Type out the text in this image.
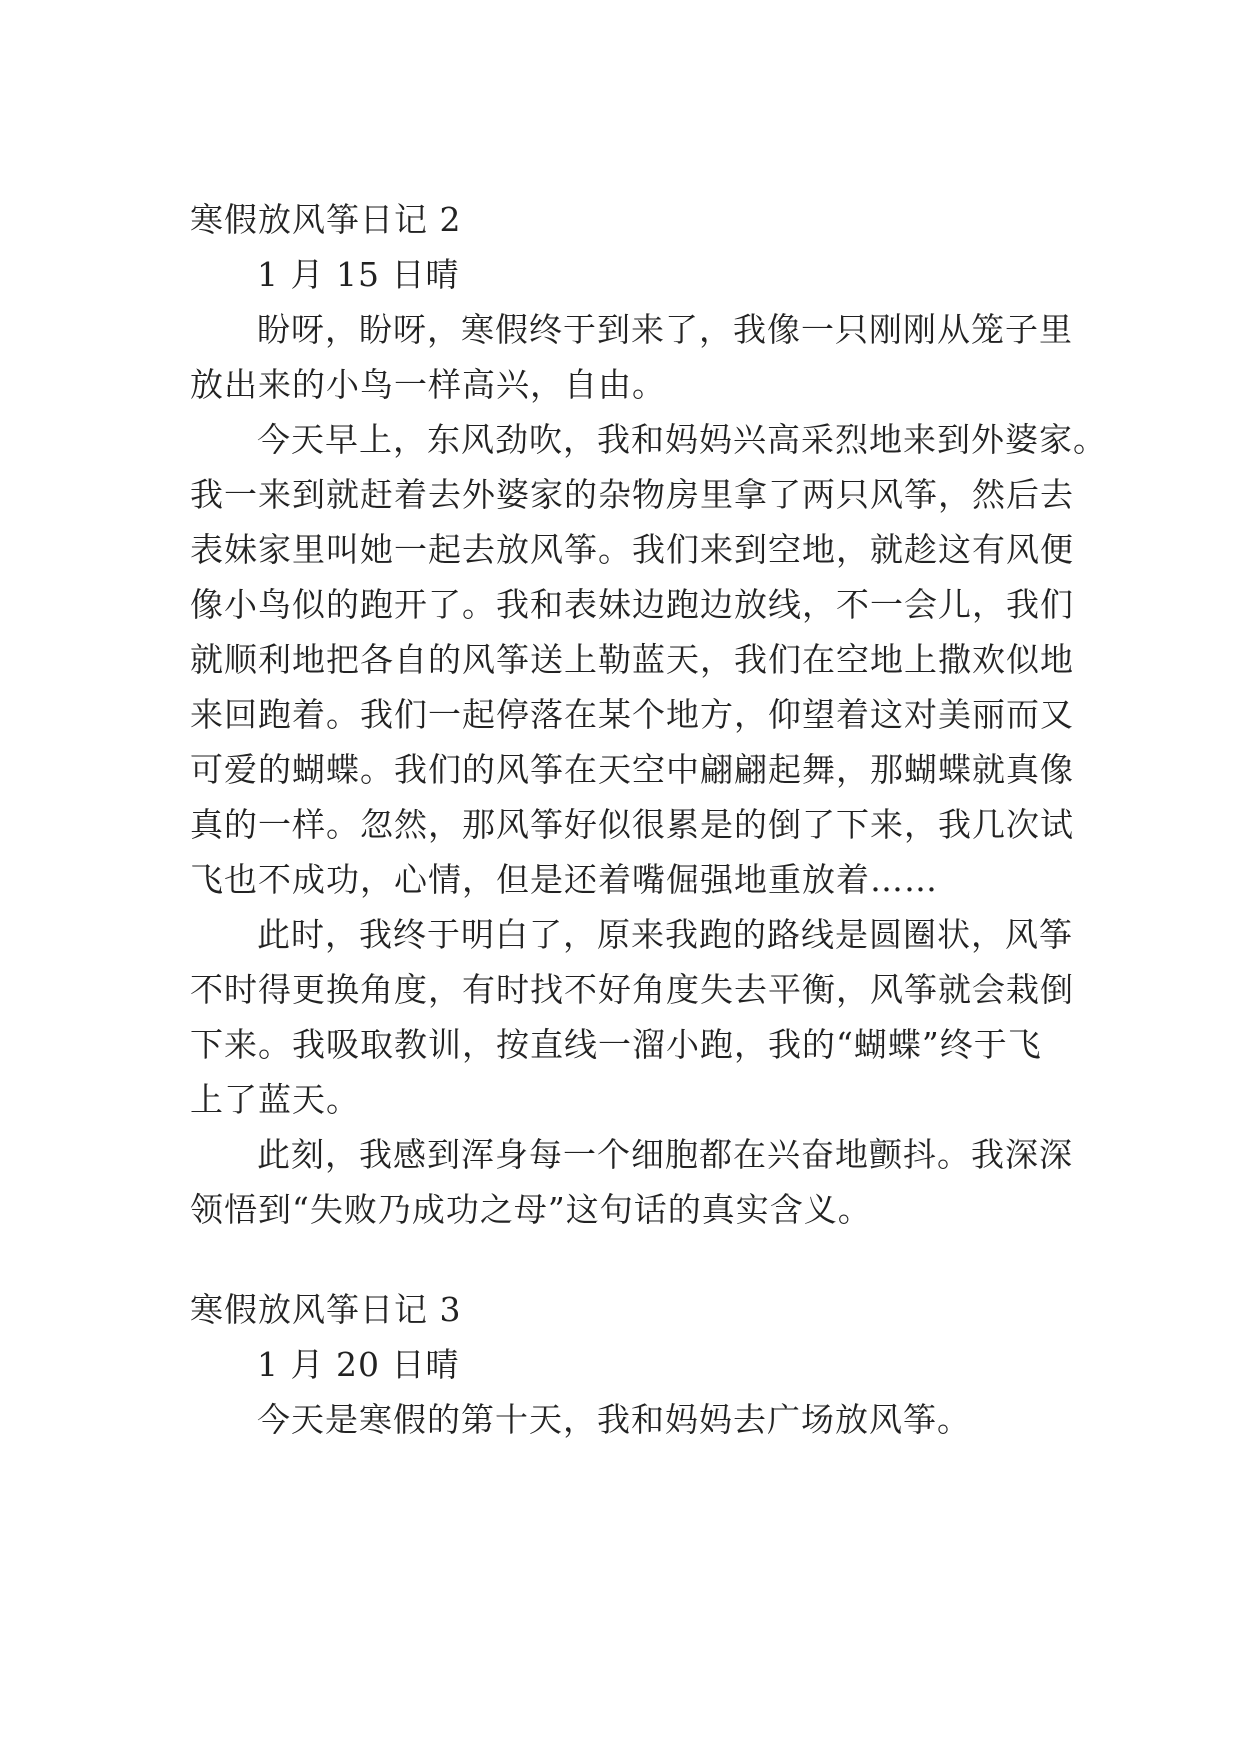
寒假放风筝日记 2
1 月 15 日晴
盼呀，盼呀，寒假终于到来了，我像一只刚刚从笼子里
放出来的小鸟一样高兴，自由。
今天早上，东风劲吹，我和妈妈兴高采烈地来到外婆家。
我一来到就赶着去外婆家的杂物房里拿了两只风筝，然后去
表妹家里叫她一起去放风筝。我们来到空地，就趁这有风便
像小鸟似的跑开了。我和表妹边跑边放线，不一会儿，我们
就顺利地把各自的风筝送上勒蓝天，我们在空地上撒欢似地
来回跑着。我们一起停落在某个地方，仰望着这对美丽而又
可爱的蝴蝶。我们的风筝在天空中翩翩起舞，那蝴蝶就真像
真的一样。忽然，那风筝好似很累是的倒了下来，我几次试
飞也不成功，心情，但是还着嘴倔强地重放着……
此时，我终于明白了，原来我跑的路线是圆圈状，风筝
不时得更换角度，有时找不好角度失去平衡，风筝就会栽倒
下来。我吸取教训，按直线一溜小跑，我的“蝴蝶”终于飞
上了蓝天。
此刻，我感到浑身每一个细胞都在兴奋地颤抖。我深深
领悟到“失败乃成功之母”这句话的真实含义。
寒假放风筝日记 3
1 月 20 日晴
今天是寒假的第十天，我和妈妈去广场放风筝。
